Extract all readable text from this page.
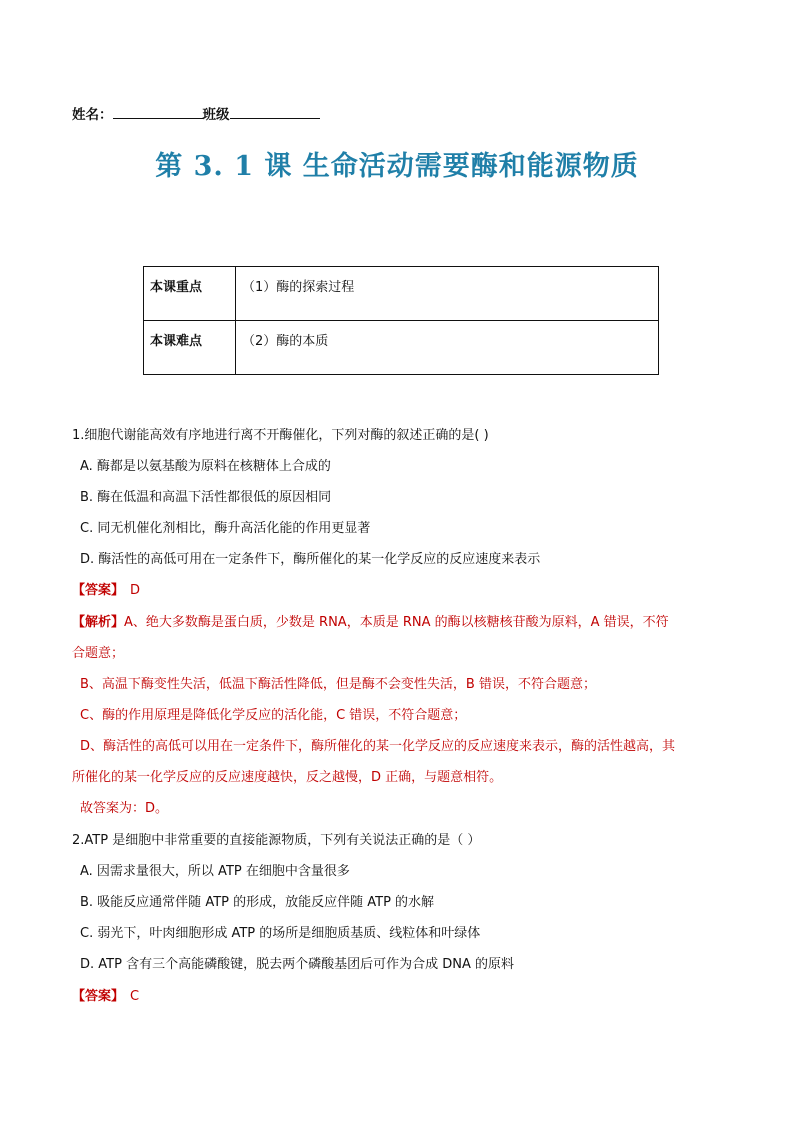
姓名：	班级
第 3. 1 课 生命活动需要酶和能源物质
本课重点	（1）酶的探索过程
本课难点	（2）酶的本质
1.细胞代谢能高效有序地进行离不开酶催化，下列对酶的叙述正确的是( )
A. 酶都是以氨基酸为原料在核糖体上合成的
B. 酶在低温和高温下活性都很低的原因相同
C. 同无机催化剂相比，酶升高活化能的作用更显著
D. 酶活性的高低可用在一定条件下，酶所催化的某一化学反应的反应速度来表示
【答案】 D
【解析】A、绝大多数酶是蛋白质，少数是 RNA，本质是 RNA 的酶以核糖核苷酸为原料，A 错误，不符
合题意；
B、高温下酶变性失活，低温下酶活性降低，但是酶不会变性失活，B 错误，不符合题意；
C、酶的作用原理是降低化学反应的活化能，C 错误，不符合题意；
D、酶活性的高低可以用在一定条件下，酶所催化的某一化学反应的反应速度来表示，酶的活性越高，其
所催化的某一化学反应的反应速度越快，反之越慢，D 正确，与题意相符。
故答案为：D。
2.ATP 是细胞中非常重要的直接能源物质，下列有关说法正确的是（ ）
A. 因需求量很大，所以 ATP 在细胞中含量很多
B. 吸能反应通常伴随 ATP 的形成，放能反应伴随 ATP 的水解
C. 弱光下，叶肉细胞形成 ATP 的场所是细胞质基质、线粒体和叶绿体
D. ATP 含有三个高能磷酸键，脱去两个磷酸基团后可作为合成 DNA 的原料
【答案】 C
